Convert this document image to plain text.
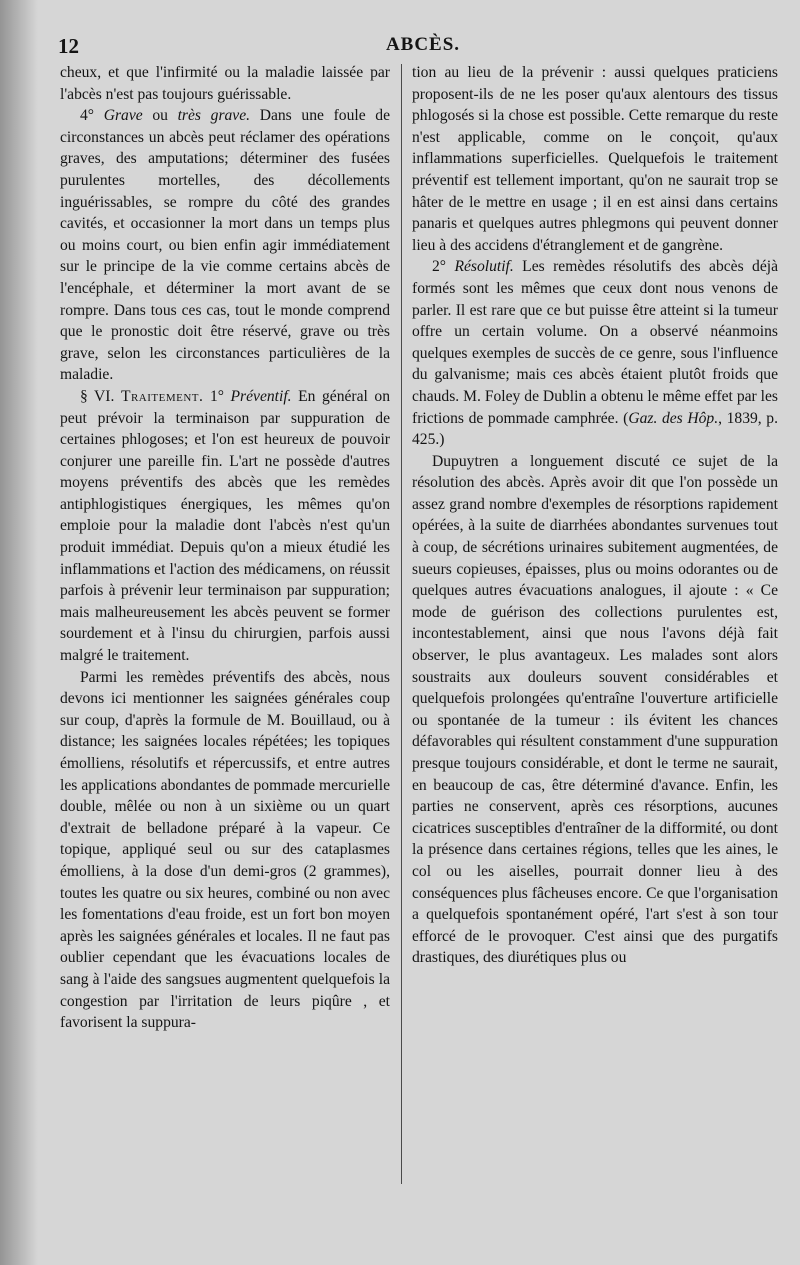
12	ABCÈS.

cheux, et que l'infirmité ou la maladie laissée par l'abcès n'est pas toujours guérissable.

4° Grave ou très grave. Dans une foule de circonstances un abcès peut réclamer des opérations graves, des amputations; déterminer des fusées purulentes mortelles, des décollements inguérissables, se rompre du côté des grandes cavités, et occasionner la mort dans un temps plus ou moins court, ou bien enfin agir immédiatement sur le principe de la vie comme certains abcès de l'encéphale, et déterminer la mort avant de se rompre. Dans tous ces cas, tout le monde comprend que le pronostic doit être réservé, grave ou très grave, selon les circonstances particulières de la maladie.

§ VI. Traitement. 1° Préventif. En général on peut prévoir la terminaison par suppuration de certaines phlogoses; et l'on est heureux de pouvoir conjurer une pareille fin. L'art ne possède d'autres moyens préventifs des abcès que les remèdes antiphlogistiques énergiques, les mêmes qu'on emploie pour la maladie dont l'abcès n'est qu'un produit immédiat. Depuis qu'on a mieux étudié les inflammations et l'action des médicamens, on réussit parfois à prévenir leur terminaison par suppuration; mais malheureusement les abcès peuvent se former sourdement et à l'insu du chirurgien, parfois aussi malgré le traitement.

Parmi les remèdes préventifs des abcès, nous devons ici mentionner les saignées générales coup sur coup, d'après la formule de M. Bouillaud, ou à distance; les saignées locales répétées; les topiques émolliens, résolutifs et répercussifs, et entre autres les applications abondantes de pommade mercurielle double, mêlée ou non à un sixième ou un quart d'extrait de belladone préparé à la vapeur. Ce topique, appliqué seul ou sur des cataplasmes émolliens, à la dose d'un demi-gros (2 grammes), toutes les quatre ou six heures, combiné ou non avec les fomentations d'eau froide, est un fort bon moyen après les saignées générales et locales. Il ne faut pas oublier cependant que les évacuations locales de sang à l'aide des sangsues augmentent quelquefois la congestion par l'irritation de leurs piqûre , et favorisent la suppura-

tion au lieu de la prévenir : aussi quelques praticiens proposent-ils de ne les poser qu'aux alentours des tissus phlogosés si la chose est possible. Cette remarque du reste n'est applicable, comme on le conçoit, qu'aux inflammations superficielles. Quelquefois le traitement préventif est tellement important, qu'on ne saurait trop se hâter de le mettre en usage ; il en est ainsi dans certains panaris et quelques autres phlegmons qui peuvent donner lieu à des accidens d'étranglement et de gangrène.

2° Résolutif. Les remèdes résolutifs des abcès déjà formés sont les mêmes que ceux dont nous venons de parler. Il est rare que ce but puisse être atteint si la tumeur offre un certain volume. On a observé néanmoins quelques exemples de succès de ce genre, sous l'influence du galvanisme; mais ces abcès étaient plutôt froids que chauds. M. Foley de Dublin a obtenu le même effet par les frictions de pommade camphrée. (Gaz. des Hôp., 1839, p. 425.)

Dupuytren a longuement discuté ce sujet de la résolution des abcès. Après avoir dit que l'on possède un assez grand nombre d'exemples de résorptions rapidement opérées, à la suite de diarrhées abondantes survenues tout à coup, de sécrétions urinaires subitement augmentées, de sueurs copieuses, épaisses, plus ou moins odorantes ou de quelques autres évacuations analogues, il ajoute : « Ce mode de guérison des collections purulentes est, incontestablement, ainsi que nous l'avons déjà fait observer, le plus avantageux. Les malades sont alors soustraits aux douleurs souvent considérables et quelquefois prolongées qu'entraîne l'ouverture artificielle ou spontanée de la tumeur : ils évitent les chances défavorables qui résultent constamment d'une suppuration presque toujours considérable, et dont le terme ne saurait, en beaucoup de cas, être déterminé d'avance. Enfin, les parties ne conservent, après ces résorptions, aucunes cicatrices susceptibles d'entraîner de la difformité, ou dont la présence dans certaines régions, telles que les aines, le col ou les aiselles, pourrait donner lieu à des conséquences plus fâcheuses encore. Ce que l'organisation a quelquefois spontanément opéré, l'art s'est à son tour efforcé de le provoquer. C'est ainsi que des purgatifs drastiques, des diurétiques plus ou
